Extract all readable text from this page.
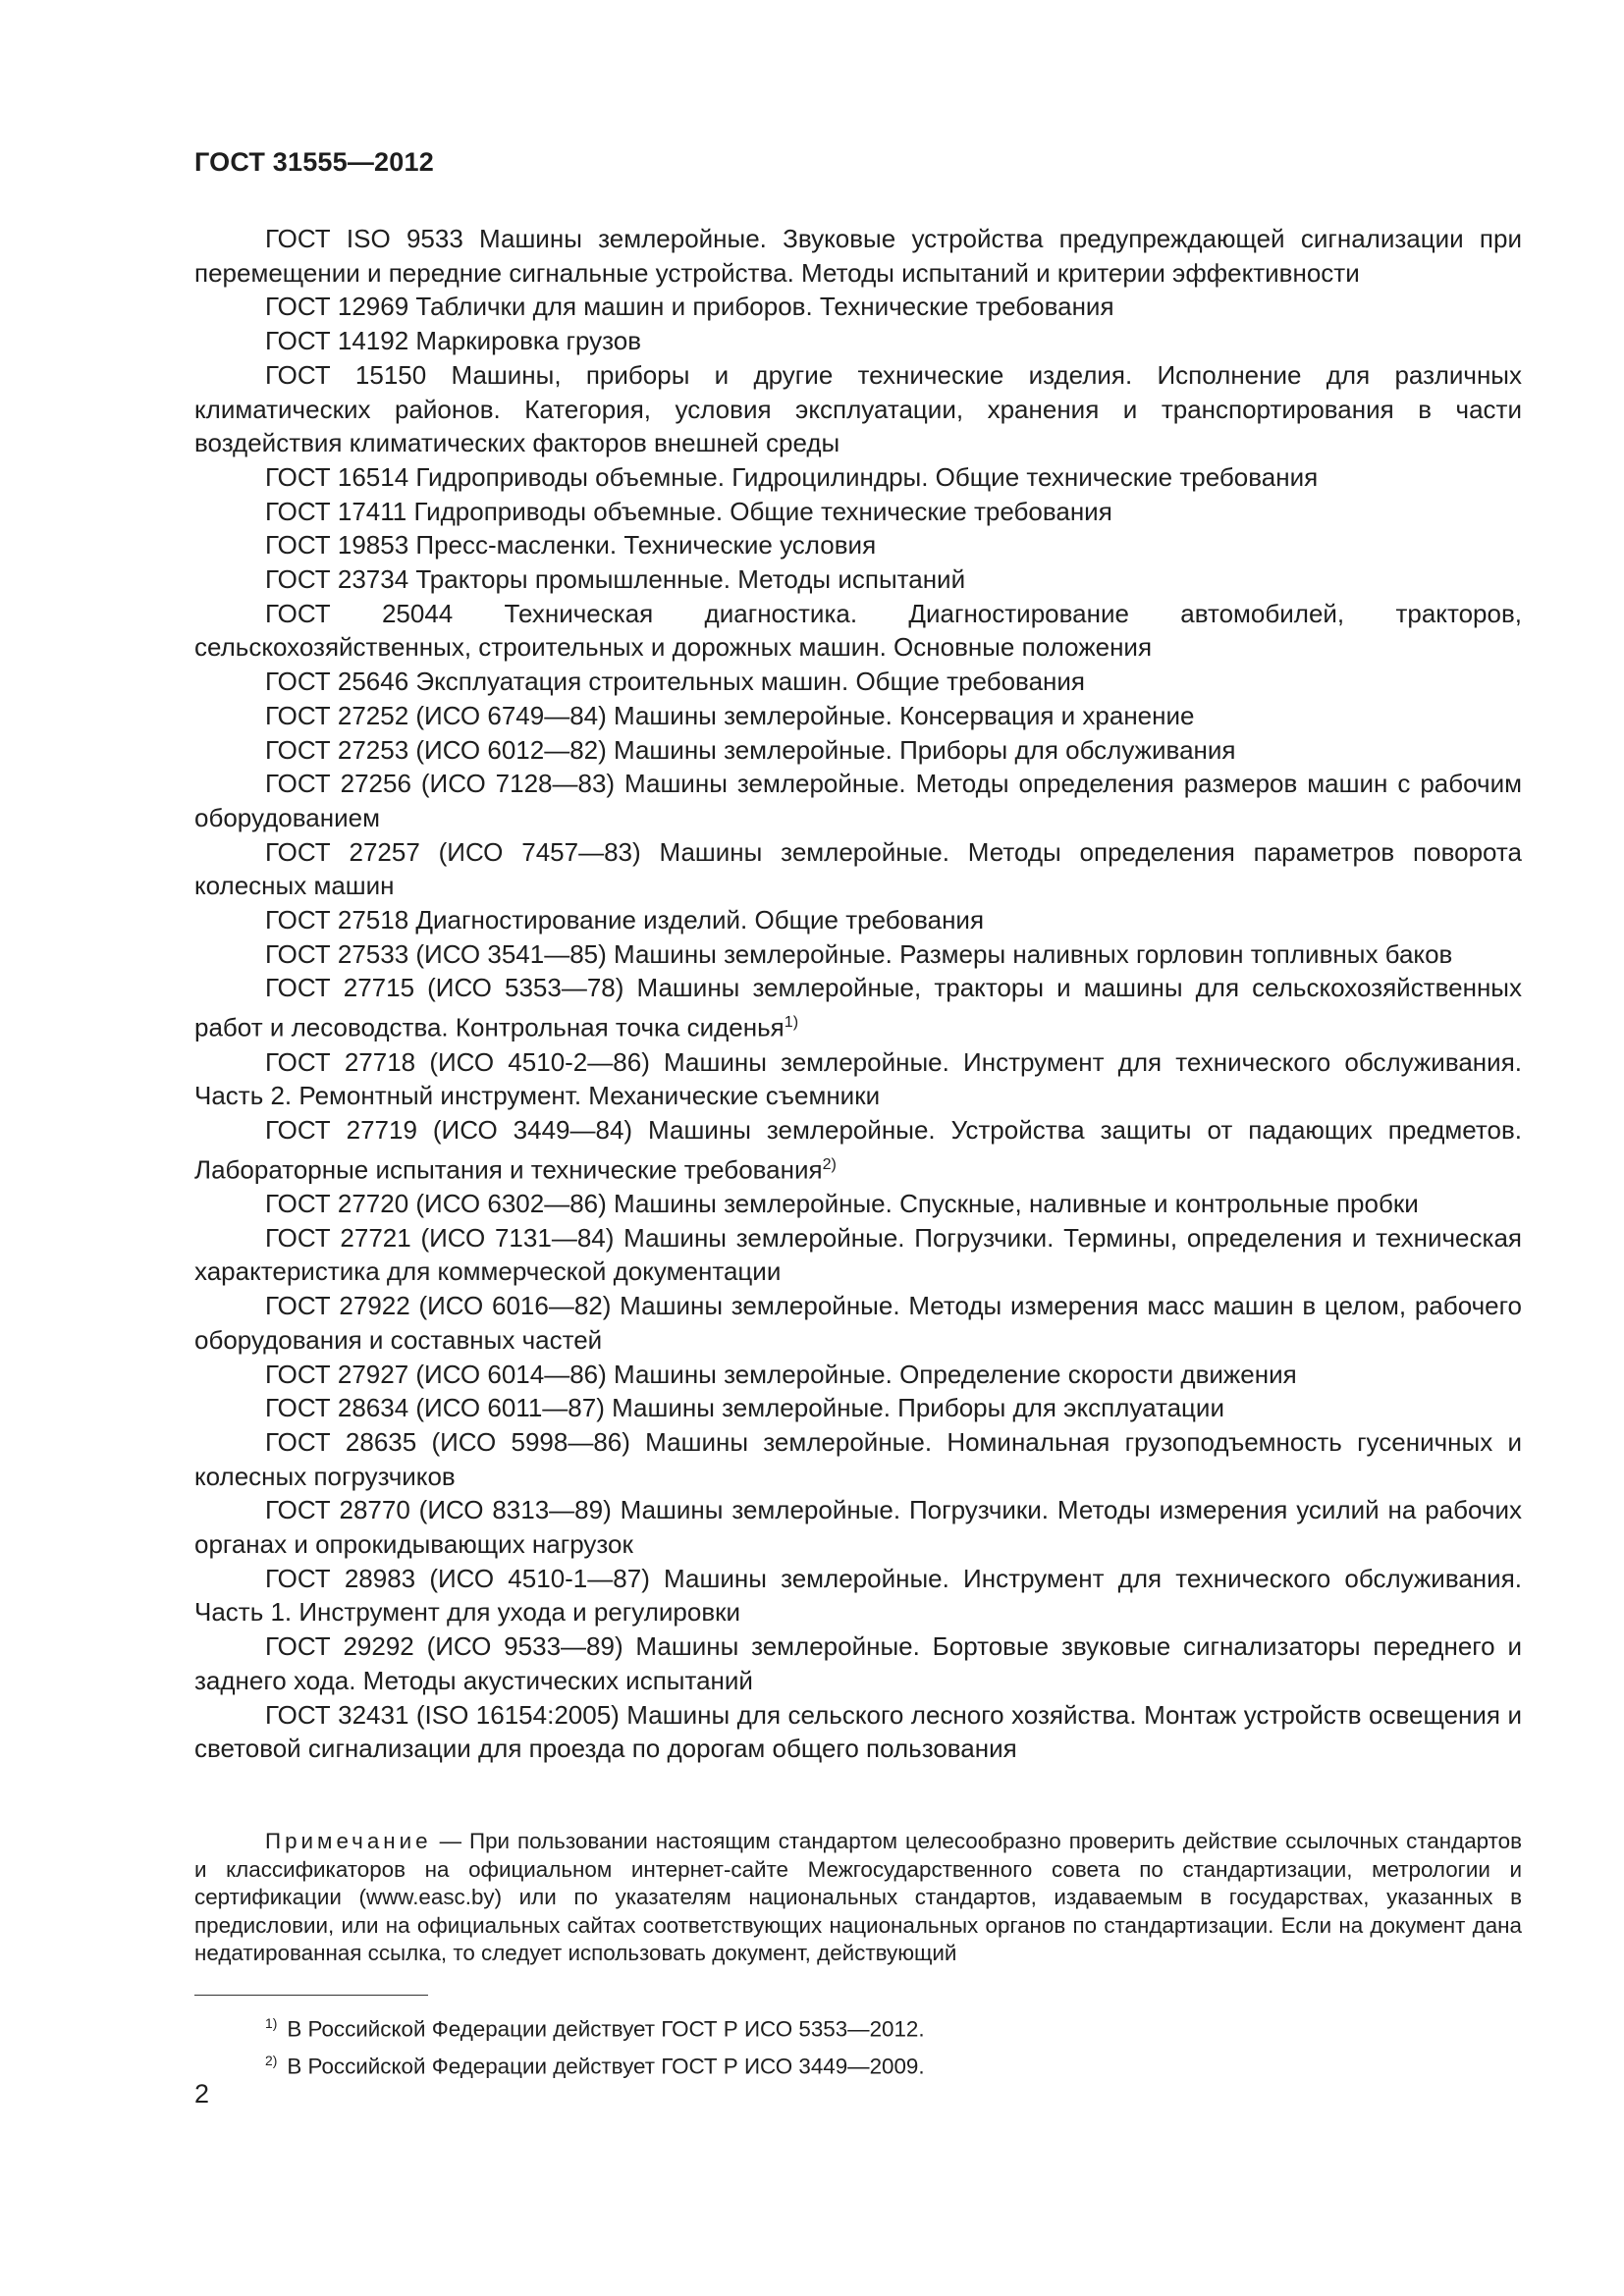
ГОСТ 31555—2012

ГОСТ ISO 9533 Машины землеройные. Звуковые устройства предупреждающей сигнализации при перемещении и передние сигнальные устройства. Методы испытаний и критерии эффективности

ГОСТ 12969 Таблички для машин и приборов. Технические требования

ГОСТ 14192 Маркировка грузов

ГОСТ 15150 Машины, приборы и другие технические изделия. Исполнение для различных климатических районов. Категория, условия эксплуатации, хранения и транспортирования в части воздействия климатических факторов внешней среды

ГОСТ 16514 Гидроприводы объемные. Гидроцилиндры. Общие технические требования

ГОСТ 17411 Гидроприводы объемные. Общие технические требования

ГОСТ 19853 Пресс-масленки. Технические условия

ГОСТ 23734 Тракторы промышленные. Методы испытаний

ГОСТ 25044 Техническая диагностика. Диагностирование автомобилей, тракторов, сельскохозяйственных, строительных и дорожных машин. Основные положения

ГОСТ 25646 Эксплуатация строительных машин. Общие требования

ГОСТ 27252 (ИСО 6749—84) Машины землеройные. Консервация и хранение

ГОСТ 27253 (ИСО 6012—82) Машины землеройные. Приборы для обслуживания

ГОСТ 27256 (ИСО 7128—83) Машины землеройные. Методы определения размеров машин с рабочим оборудованием

ГОСТ 27257 (ИСО 7457—83) Машины землеройные. Методы определения параметров поворота колесных машин

ГОСТ 27518 Диагностирование изделий. Общие требования

ГОСТ 27533 (ИСО 3541—85) Машины землеройные. Размеры наливных горловин топливных баков

ГОСТ 27715 (ИСО 5353—78) Машины землеройные, тракторы и машины для сельскохозяйственных работ и лесоводства. Контрольная точка сиденья$^{1)}$

ГОСТ 27718 (ИСО 4510-2—86) Машины землеройные. Инструмент для технического обслуживания. Часть 2. Ремонтный инструмент. Механические съемники

ГОСТ 27719 (ИСО 3449—84) Машины землеройные. Устройства защиты от падающих предметов. Лабораторные испытания и технические требования$^{2)}$

ГОСТ 27720 (ИСО 6302—86) Машины землеройные. Спускные, наливные и контрольные пробки

ГОСТ 27721 (ИСО 7131—84) Машины землеройные. Погрузчики. Термины, определения и техническая характеристика для коммерческой документации

ГОСТ 27922 (ИСО 6016—82) Машины землеройные. Методы измерения масс машин в целом, рабочего оборудования и составных частей

ГОСТ 27927 (ИСО 6014—86) Машины землеройные. Определение скорости движения

ГОСТ 28634 (ИСО 6011—87) Машины землеройные. Приборы для эксплуатации

ГОСТ 28635 (ИСО 5998—86) Машины землеройные. Номинальная грузоподъемность гусеничных и колесных погрузчиков

ГОСТ 28770 (ИСО 8313—89) Машины землеройные. Погрузчики. Методы измерения усилий на рабочих органах и опрокидывающих нагрузок

ГОСТ 28983 (ИСО 4510-1—87) Машины землеройные. Инструмент для технического обслуживания. Часть 1. Инструмент для ухода и регулировки

ГОСТ 29292 (ИСО 9533—89) Машины землеройные. Бортовые звуковые сигнализаторы переднего и заднего хода. Методы акустических испытаний

ГОСТ 32431 (ISO 16154:2005) Машины для сельского лесного хозяйства. Монтаж устройств освещения и световой сигнализации для проезда по дорогам общего пользования

Примечание — При пользовании настоящим стандартом целесообразно проверить действие ссылочных стандартов и классификаторов на официальном интернет-сайте Межгосударственного совета по стандартизации, метрологии и сертификации (www.easc.by) или по указателям национальных стандартов, издаваемым в государствах, указанных в предисловии, или на официальных сайтах соответствующих национальных органов по стандартизации. Если на документ дана недатированная ссылка, то следует использовать документ, действующий

$^{1)}$ В Российской Федерации действует ГОСТ Р ИСО 5353—2012.
$^{2)}$ В Российской Федерации действует ГОСТ Р ИСО 3449—2009.
2
